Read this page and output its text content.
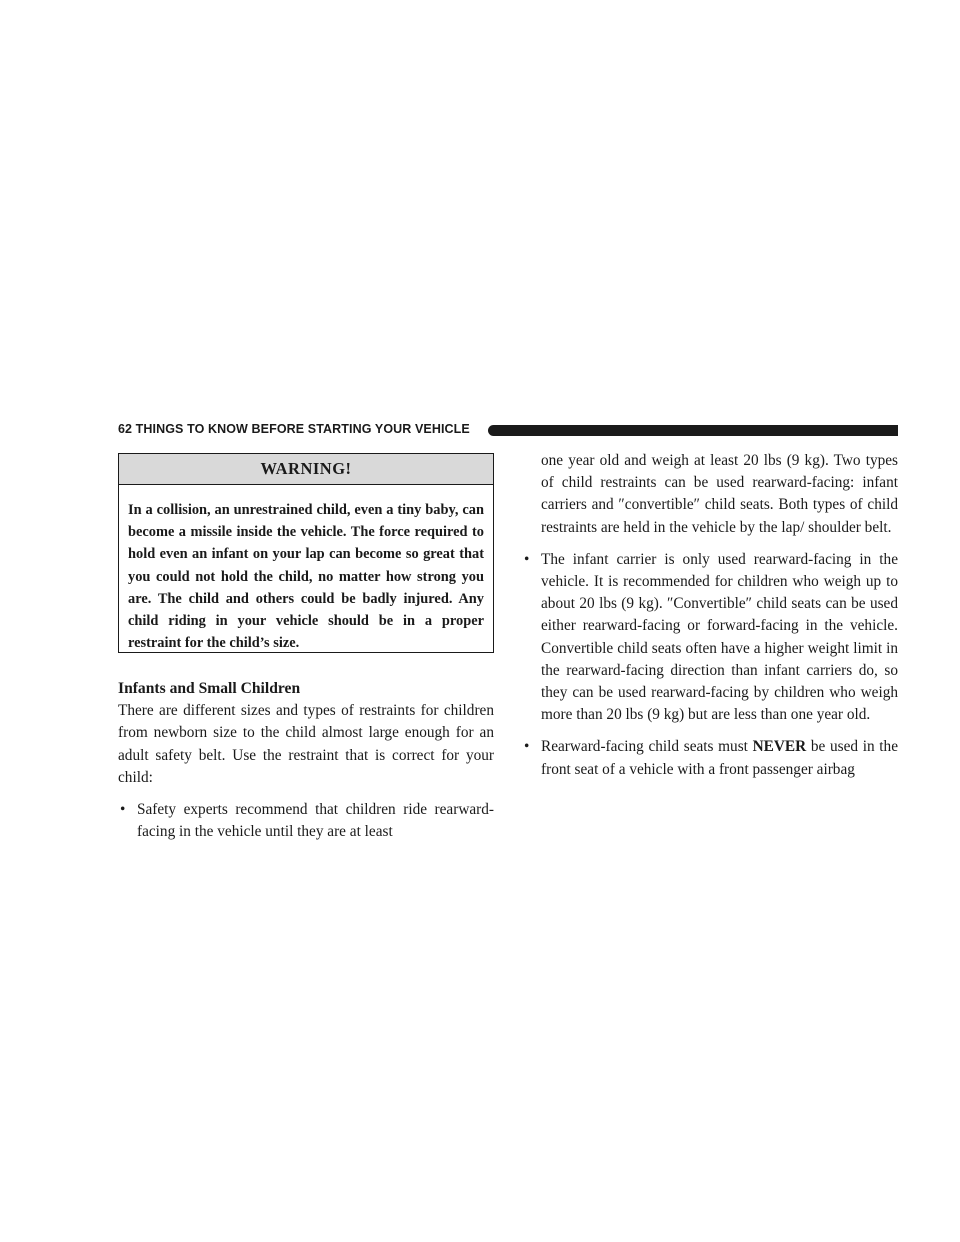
62 THINGS TO KNOW BEFORE STARTING YOUR VEHICLE
WARNING!
In a collision, an unrestrained child, even a tiny baby, can become a missile inside the vehicle. The force required to hold even an infant on your lap can become so great that you could not hold the child, no matter how strong you are. The child and others could be badly injured. Any child riding in your vehicle should be in a proper restraint for the child’s size.
Infants and Small Children

There are different sizes and types of restraints for children from newborn size to the child almost large enough for an adult safety belt. Use the restraint that is correct for your child:

• Safety experts recommend that children ride rearward-facing in the vehicle until they are at least

one year old and weigh at least 20 lbs (9 kg). Two types of child restraints can be used rearward-facing: infant carriers and ″convertible″ child seats. Both types of child restraints are held in the vehicle by the lap/ shoulder belt.

• The infant carrier is only used rearward-facing in the vehicle. It is recommended for children who weigh up to about 20 lbs (9 kg). ″Convertible″ child seats can be used either rearward-facing or forward-facing in the vehicle. Convertible child seats often have a higher weight limit in the rearward-facing direction than infant carriers do, so they can be used rearward-facing by children who weigh more than 20 lbs (9 kg) but are less than one year old.
• Rearward-facing child seats must NEVER be used in the front seat of a vehicle with a front passenger airbag
